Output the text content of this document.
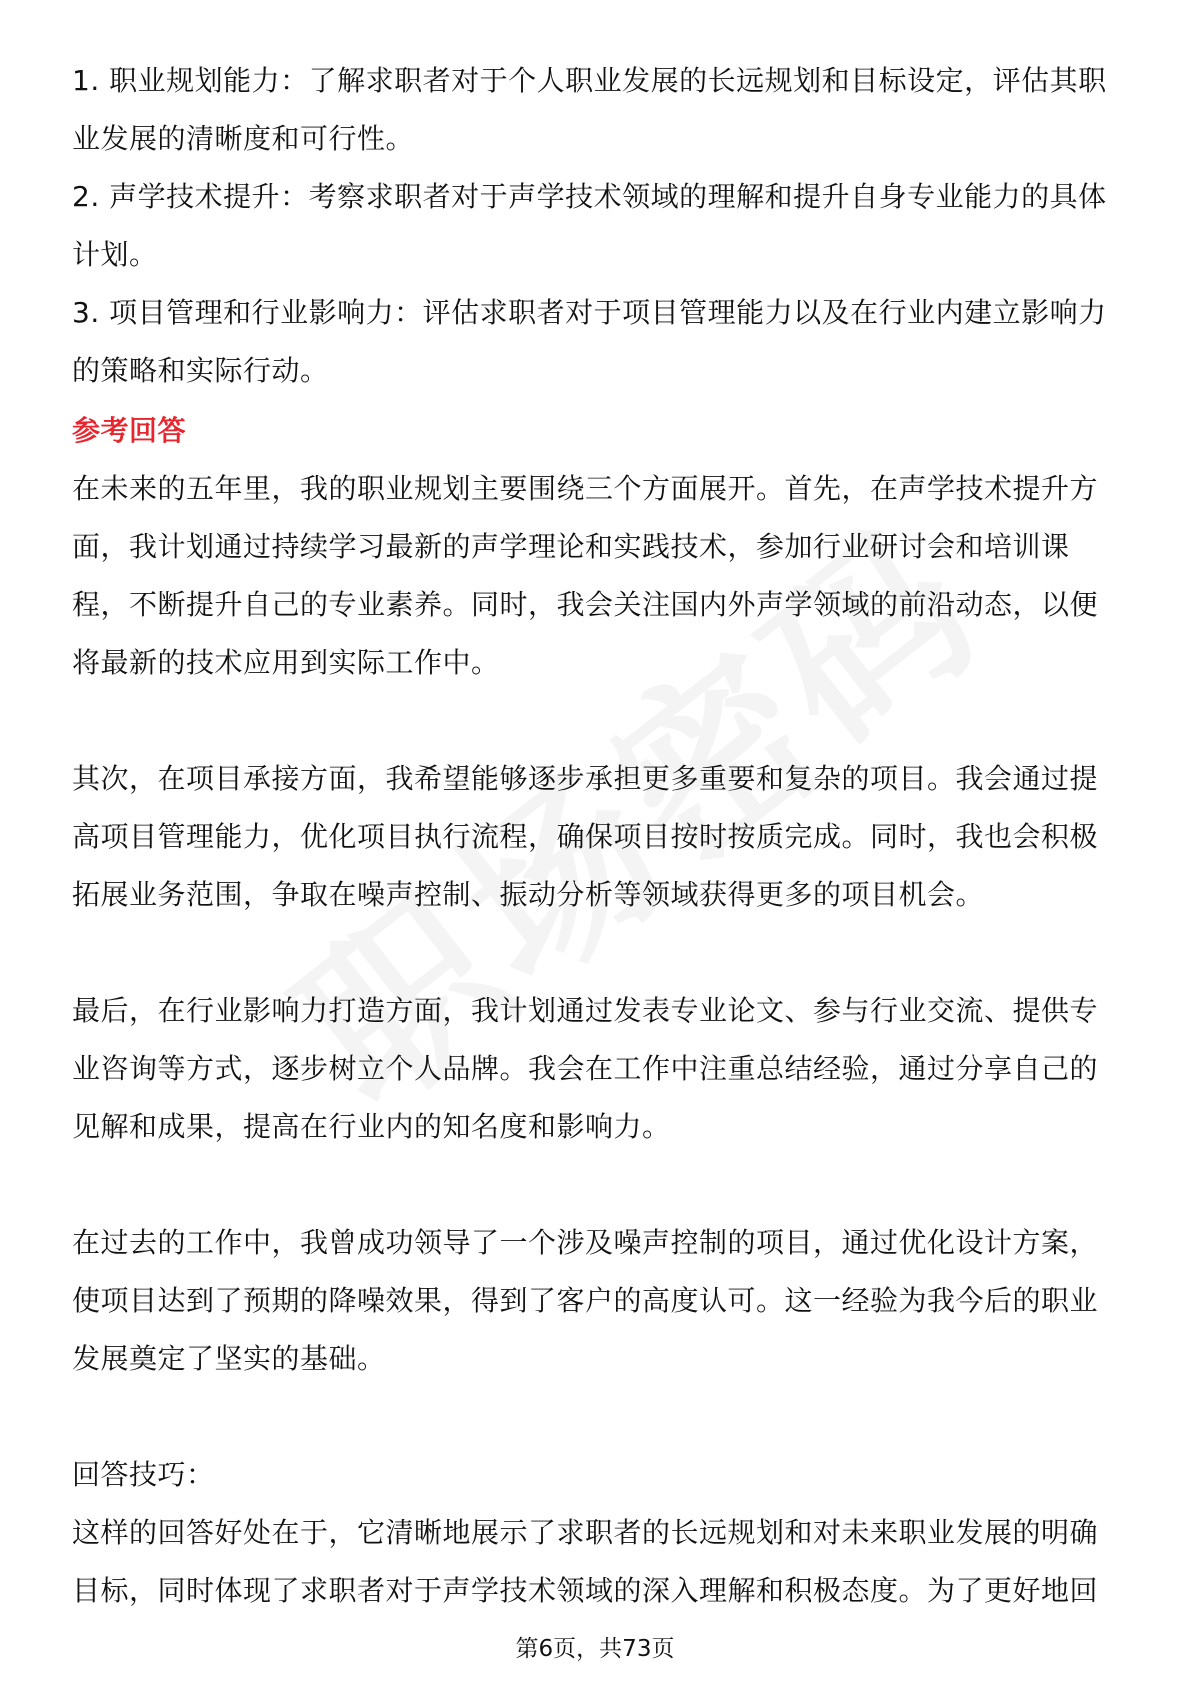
1. 职业规划能力：了解求职者对于个人职业发展的长远规划和目标设定，评估其职
业发展的清晰度和可行性。
2. 声学技术提升：考察求职者对于声学技术领域的理解和提升自身专业能力的具体
计划。
3. 项目管理和行业影响力：评估求职者对于项目管理能力以及在行业内建立影响力
的策略和实际行动。
参考回答
在未来的五年里，我的职业规划主要围绕三个方面展开。首先，在声学技术提升方
面，我计划通过持续学习最新的声学理论和实践技术，参加行业研讨会和培训课
程，不断提升自己的专业素养。同时，我会关注国内外声学领域的前沿动态，以便
将最新的技术应用到实际工作中。
其次，在项目承接方面，我希望能够逐步承担更多重要和复杂的项目。我会通过提
高项目管理能力，优化项目执行流程，确保项目按时按质完成。同时，我也会积极
拓展业务范围，争取在噪声控制、振动分析等领域获得更多的项目机会。
最后，在行业影响力打造方面，我计划通过发表专业论文、参与行业交流、提供专
业咨询等方式，逐步树立个人品牌。我会在工作中注重总结经验，通过分享自己的
见解和成果，提高在行业内的知名度和影响力。
在过去的工作中，我曾成功领导了一个涉及噪声控制的项目，通过优化设计方案，
使项目达到了预期的降噪效果，得到了客户的高度认可。这一经验为我今后的职业
发展奠定了坚实的基础。
回答技巧：
这样的回答好处在于，它清晰地展示了求职者的长远规划和对未来职业发展的明确
目标，同时体现了求职者对于声学技术领域的深入理解和积极态度。为了更好地回
第6页，共73页
